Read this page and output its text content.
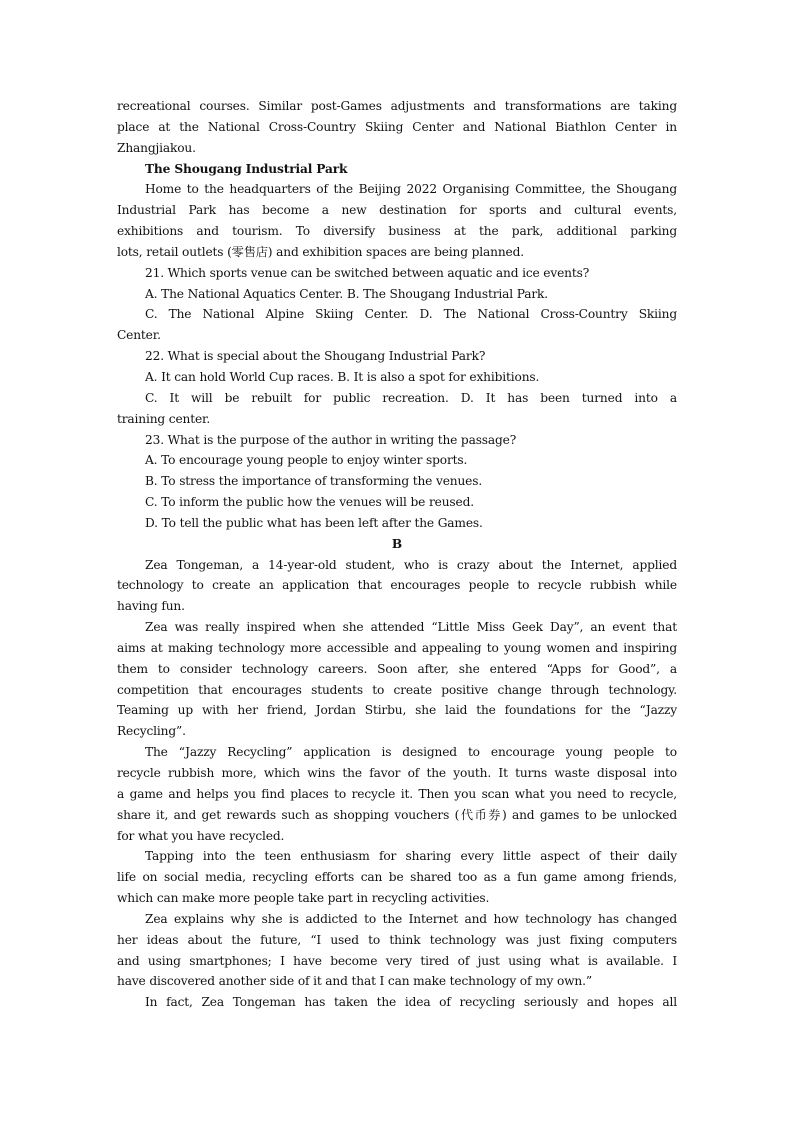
recreational courses. Similar post-Games adjustments and transformations are taking
place at the National Cross-Country Skiing Center and National Biathlon Center in
Zhangjiakou.
The Shougang Industrial Park
Home to the headquarters of the Beijing 2022 Organising Committee, the Shougang
Industrial Park has become a new destination for sports and cultural events,
exhibitions and tourism. To diversify business at the park, additional parking
lots, retail outlets (零售店) and exhibition spaces are being planned.
21. Which sports venue can be switched between aquatic and ice events?
A. The National Aquatics Center. B. The Shougang Industrial Park.
C. The National Alpine Skiing Center. D. The National Cross-Country Skiing
Center.
22. What is special about the Shougang Industrial Park?
A. It can hold World Cup races. B. It is also a spot for exhibitions.
C. It will be rebuilt for public recreation. D. It has been turned into a
training center.
23. What is the purpose of the author in writing the passage?
A. To encourage young people to enjoy winter sports.
B. To stress the importance of transforming the venues.
C. To inform the public how the venues will be reused.
D. To tell the public what has been left after the Games.
B
Zea Tongeman, a 14-year-old student, who is crazy about the Internet, applied
technology to create an application that encourages people to recycle rubbish while
having fun.
Zea was really inspired when she attended “Little Miss Geek Day”, an event that
aims at making technology more accessible and appealing to young women and inspiring
them to consider technology careers. Soon after, she entered “Apps for Good”, a
competition that encourages students to create positive change through technology.
Teaming up with her friend, Jordan Stirbu, she laid the foundations for the “Jazzy
Recycling”.
The “Jazzy Recycling” application is designed to encourage young people to
recycle rubbish more, which wins the favor of the youth. It turns waste disposal into
a game and helps you find places to recycle it. Then you scan what you need to recycle,
share it, and get rewards such as shopping vouchers (代币券) and games to be unlocked
for what you have recycled.
Tapping into the teen enthusiasm for sharing every little aspect of their daily
life on social media, recycling efforts can be shared too as a fun game among friends,
which can make more people take part in recycling activities.
Zea explains why she is addicted to the Internet and how technology has changed
her ideas about the future, “I used to think technology was just fixing computers
and using smartphones; I have become very tired of just using what is available. I
have discovered another side of it and that I can make technology of my own.”
In fact, Zea Tongeman has taken the idea of recycling seriously and hopes all
